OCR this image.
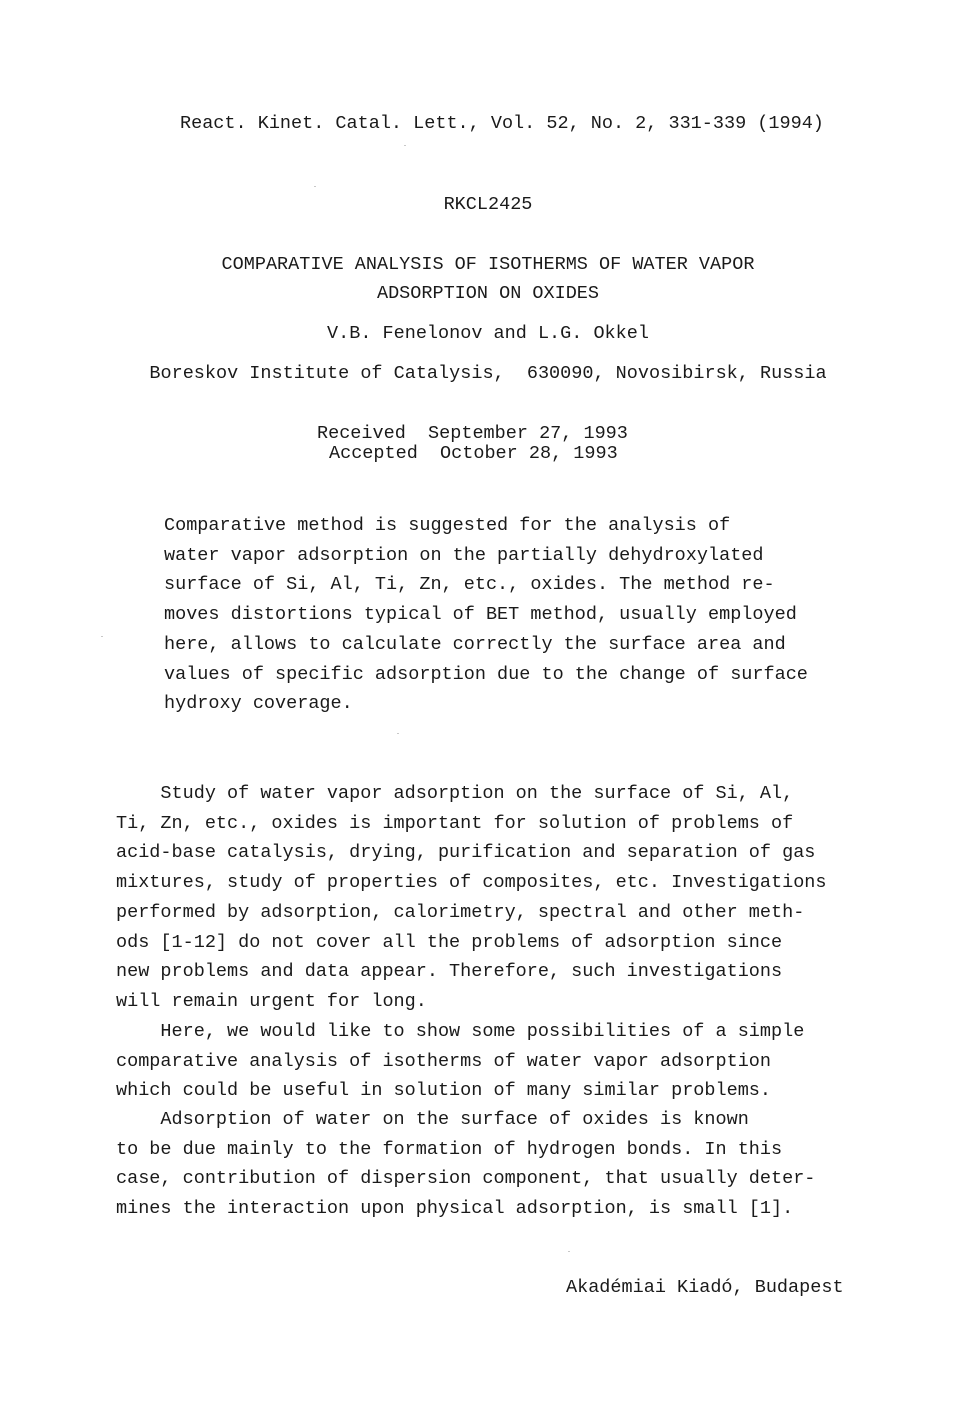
React. Kinet. Catal. Lett., Vol. 52, No. 2, 331-339 (1994)
RKCL2425
COMPARATIVE ANALYSIS OF ISOTHERMS OF WATER VAPOR
ADSORPTION ON OXIDES
V.B. Fenelonov and L.G. Okkel
Boreskov Institute of Catalysis,  630090, Novosibirsk, Russia
Received September 27, 1993
Accepted October 28, 1993
Comparative method is suggested for the analysis of
water vapor adsorption on the partially dehydroxylated
surface of Si, Al, Ti, Zn, etc., oxides. The method re-
moves distortions typical of BET method, usually employed
here, allows to calculate correctly the surface area and
values of specific adsorption due to the change of surface
hydroxy coverage.
Study of water vapor adsorption on the surface of Si, Al,
Ti, Zn, etc., oxides is important for solution of problems of
acid-base catalysis, drying, purification and separation of gas
mixtures, study of properties of composites, etc. Investigations
performed by adsorption, calorimetry, spectral and other meth-
ods [1-12] do not cover all the problems of adsorption since
new problems and data appear. Therefore, such investigations
will remain urgent for long.
Here, we would like to show some possibilities of a simple
comparative analysis of isotherms of water vapor adsorption
which could be useful in solution of many similar problems.
Adsorption of water on the surface of oxides is known
to be due mainly to the formation of hydrogen bonds. In this
case, contribution of dispersion component, that usually deter-
mines the interaction upon physical adsorption, is small [1].
Akadémiai Kiadó, Budapest
